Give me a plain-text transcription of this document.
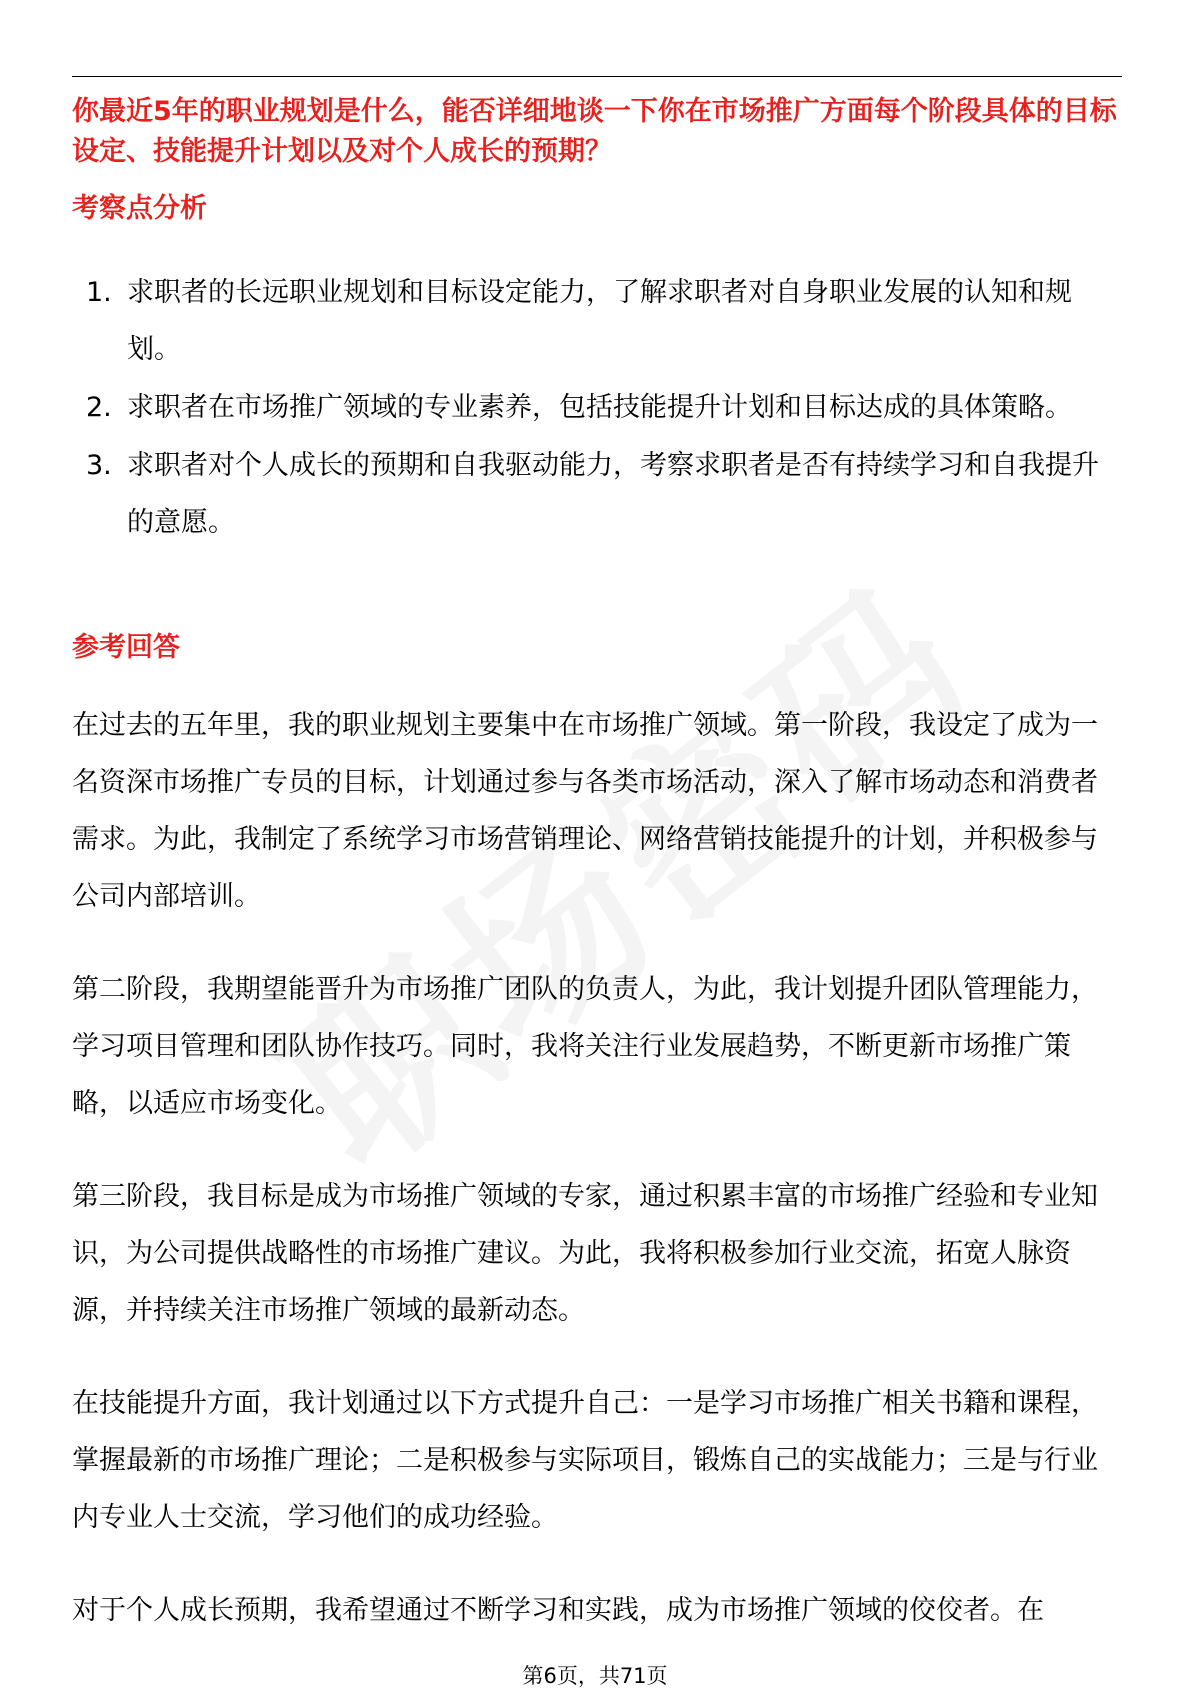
你最近5年的职业规划是什么，能否详细地谈一下你在市场推广方面每个阶段具体的目标设定、技能提升计划以及对个人成长的预期？

考察点分析
1. 求职者的长远职业规划和目标设定能力，了解求职者对自身职业发展的认知和规划。
2. 求职者在市场推广领域的专业素养，包括技能提升计划和目标达成的具体策略。
3. 求职者对个人成长的预期和自我驱动能力，考察求职者是否有持续学习和自我提升的意愿。
参考回答

在过去的五年里，我的职业规划主要集中在市场推广领域。第一阶段，我设定了成为一名资深市场推广专员的目标，计划通过参与各类市场活动，深入了解市场动态和消费者需求。为此，我制定了系统学习市场营销理论、网络营销技能提升的计划，并积极参与公司内部培训。

第二阶段，我期望能晋升为市场推广团队的负责人，为此，我计划提升团队管理能力，学习项目管理和团队协作技巧。同时，我将关注行业发展趋势，不断更新市场推广策略，以适应市场变化。

第三阶段，我目标是成为市场推广领域的专家，通过积累丰富的市场推广经验和专业知识，为公司提供战略性的市场推广建议。为此，我将积极参加行业交流，拓宽人脉资源，并持续关注市场推广领域的最新动态。

在技能提升方面，我计划通过以下方式提升自己：一是学习市场推广相关书籍和课程，掌握最新的市场推广理论；二是积极参与实际项目，锻炼自己的实战能力；三是与行业内专业人士交流，学习他们的成功经验。

对于个人成长预期，我希望通过不断学习和实践，成为市场推广领域的佼佼者。在

第6页，共71页
